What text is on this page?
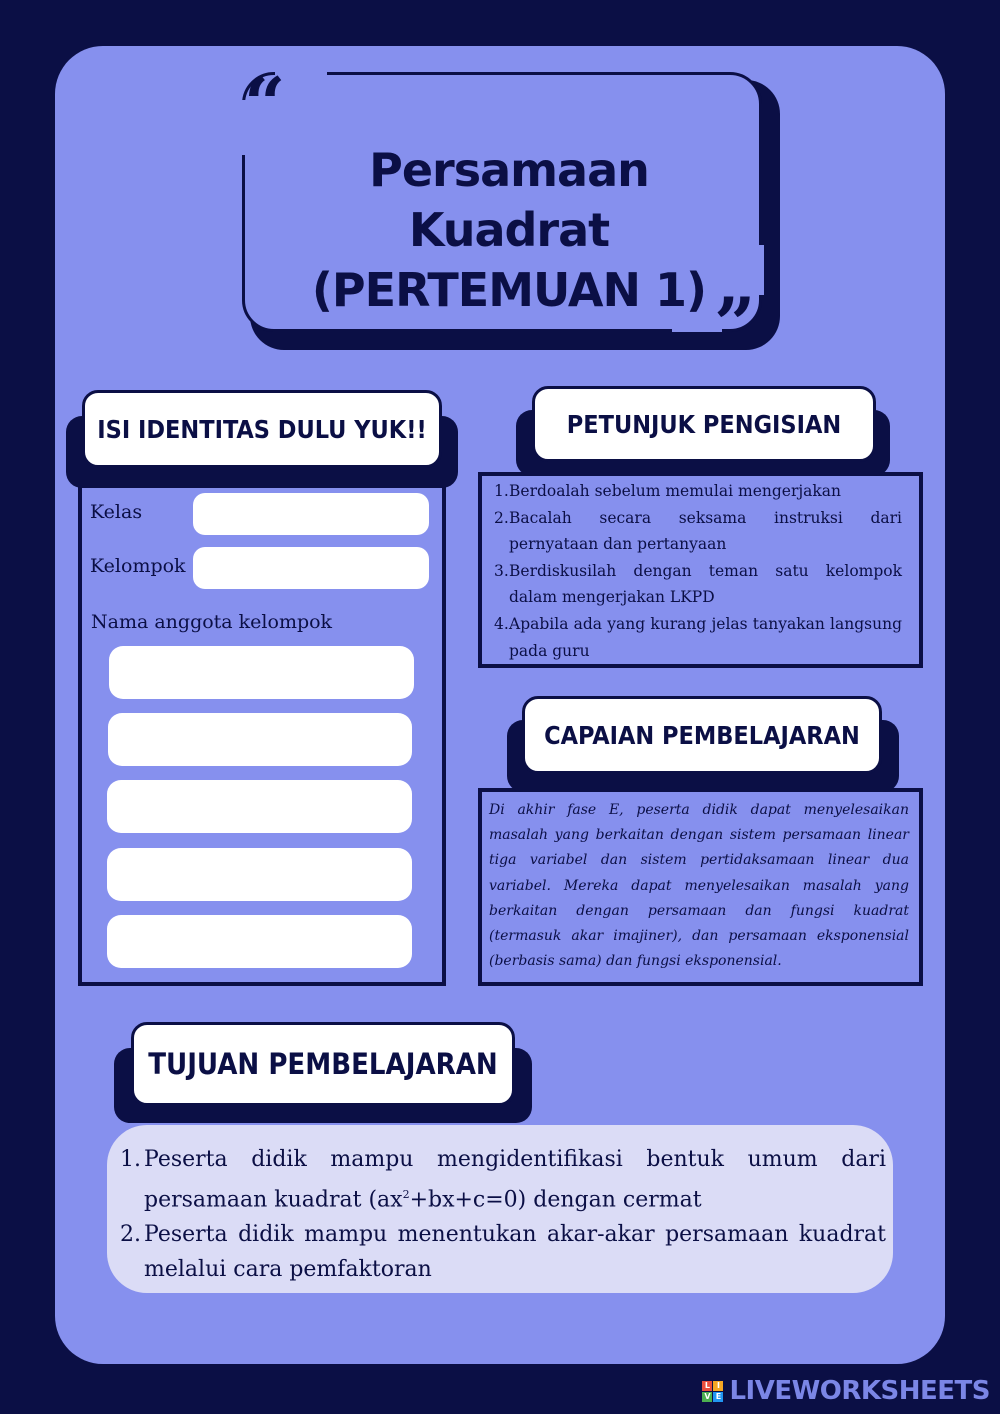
“
”
Persamaan Kuadrat
(PERTEMUAN 1)
ISI IDENTITAS DULU YUK!!
Kelas
Kelompok
Nama anggota kelompok
PETUNJUK PENGISIAN
1. Berdoalah sebelum memulai mengerjakan
2. Bacalah secara seksama instruksi dari pernyataan dan pertanyaan
3. Berdiskusilah dengan teman satu kelompok dalam mengerjakan LKPD
4. Apabila ada yang kurang jelas tanyakan langsung pada guru
CAPAIAN PEMBELAJARAN
Di akhir fase E, peserta didik dapat menyelesaikan masalah yang berkaitan dengan sistem persamaan linear tiga variabel dan sistem pertidaksamaan linear dua variabel. Mereka dapat menyelesaikan masalah yang berkaitan dengan persamaan dan fungsi kuadrat (termasuk akar imajiner), dan persamaan eksponensial (berbasis sama) dan fungsi eksponensial.
TUJUAN PEMBELAJARAN
1. Peserta didik mampu mengidentifikasi bentuk umum dari persamaan kuadrat $(ax^2+bx+c=0)$ dengan cermat
2. Peserta didik mampu menentukan akar-akar persamaan kuadrat melalui cara pemfaktoran
L I
V E LIVEWORKSHEETS
